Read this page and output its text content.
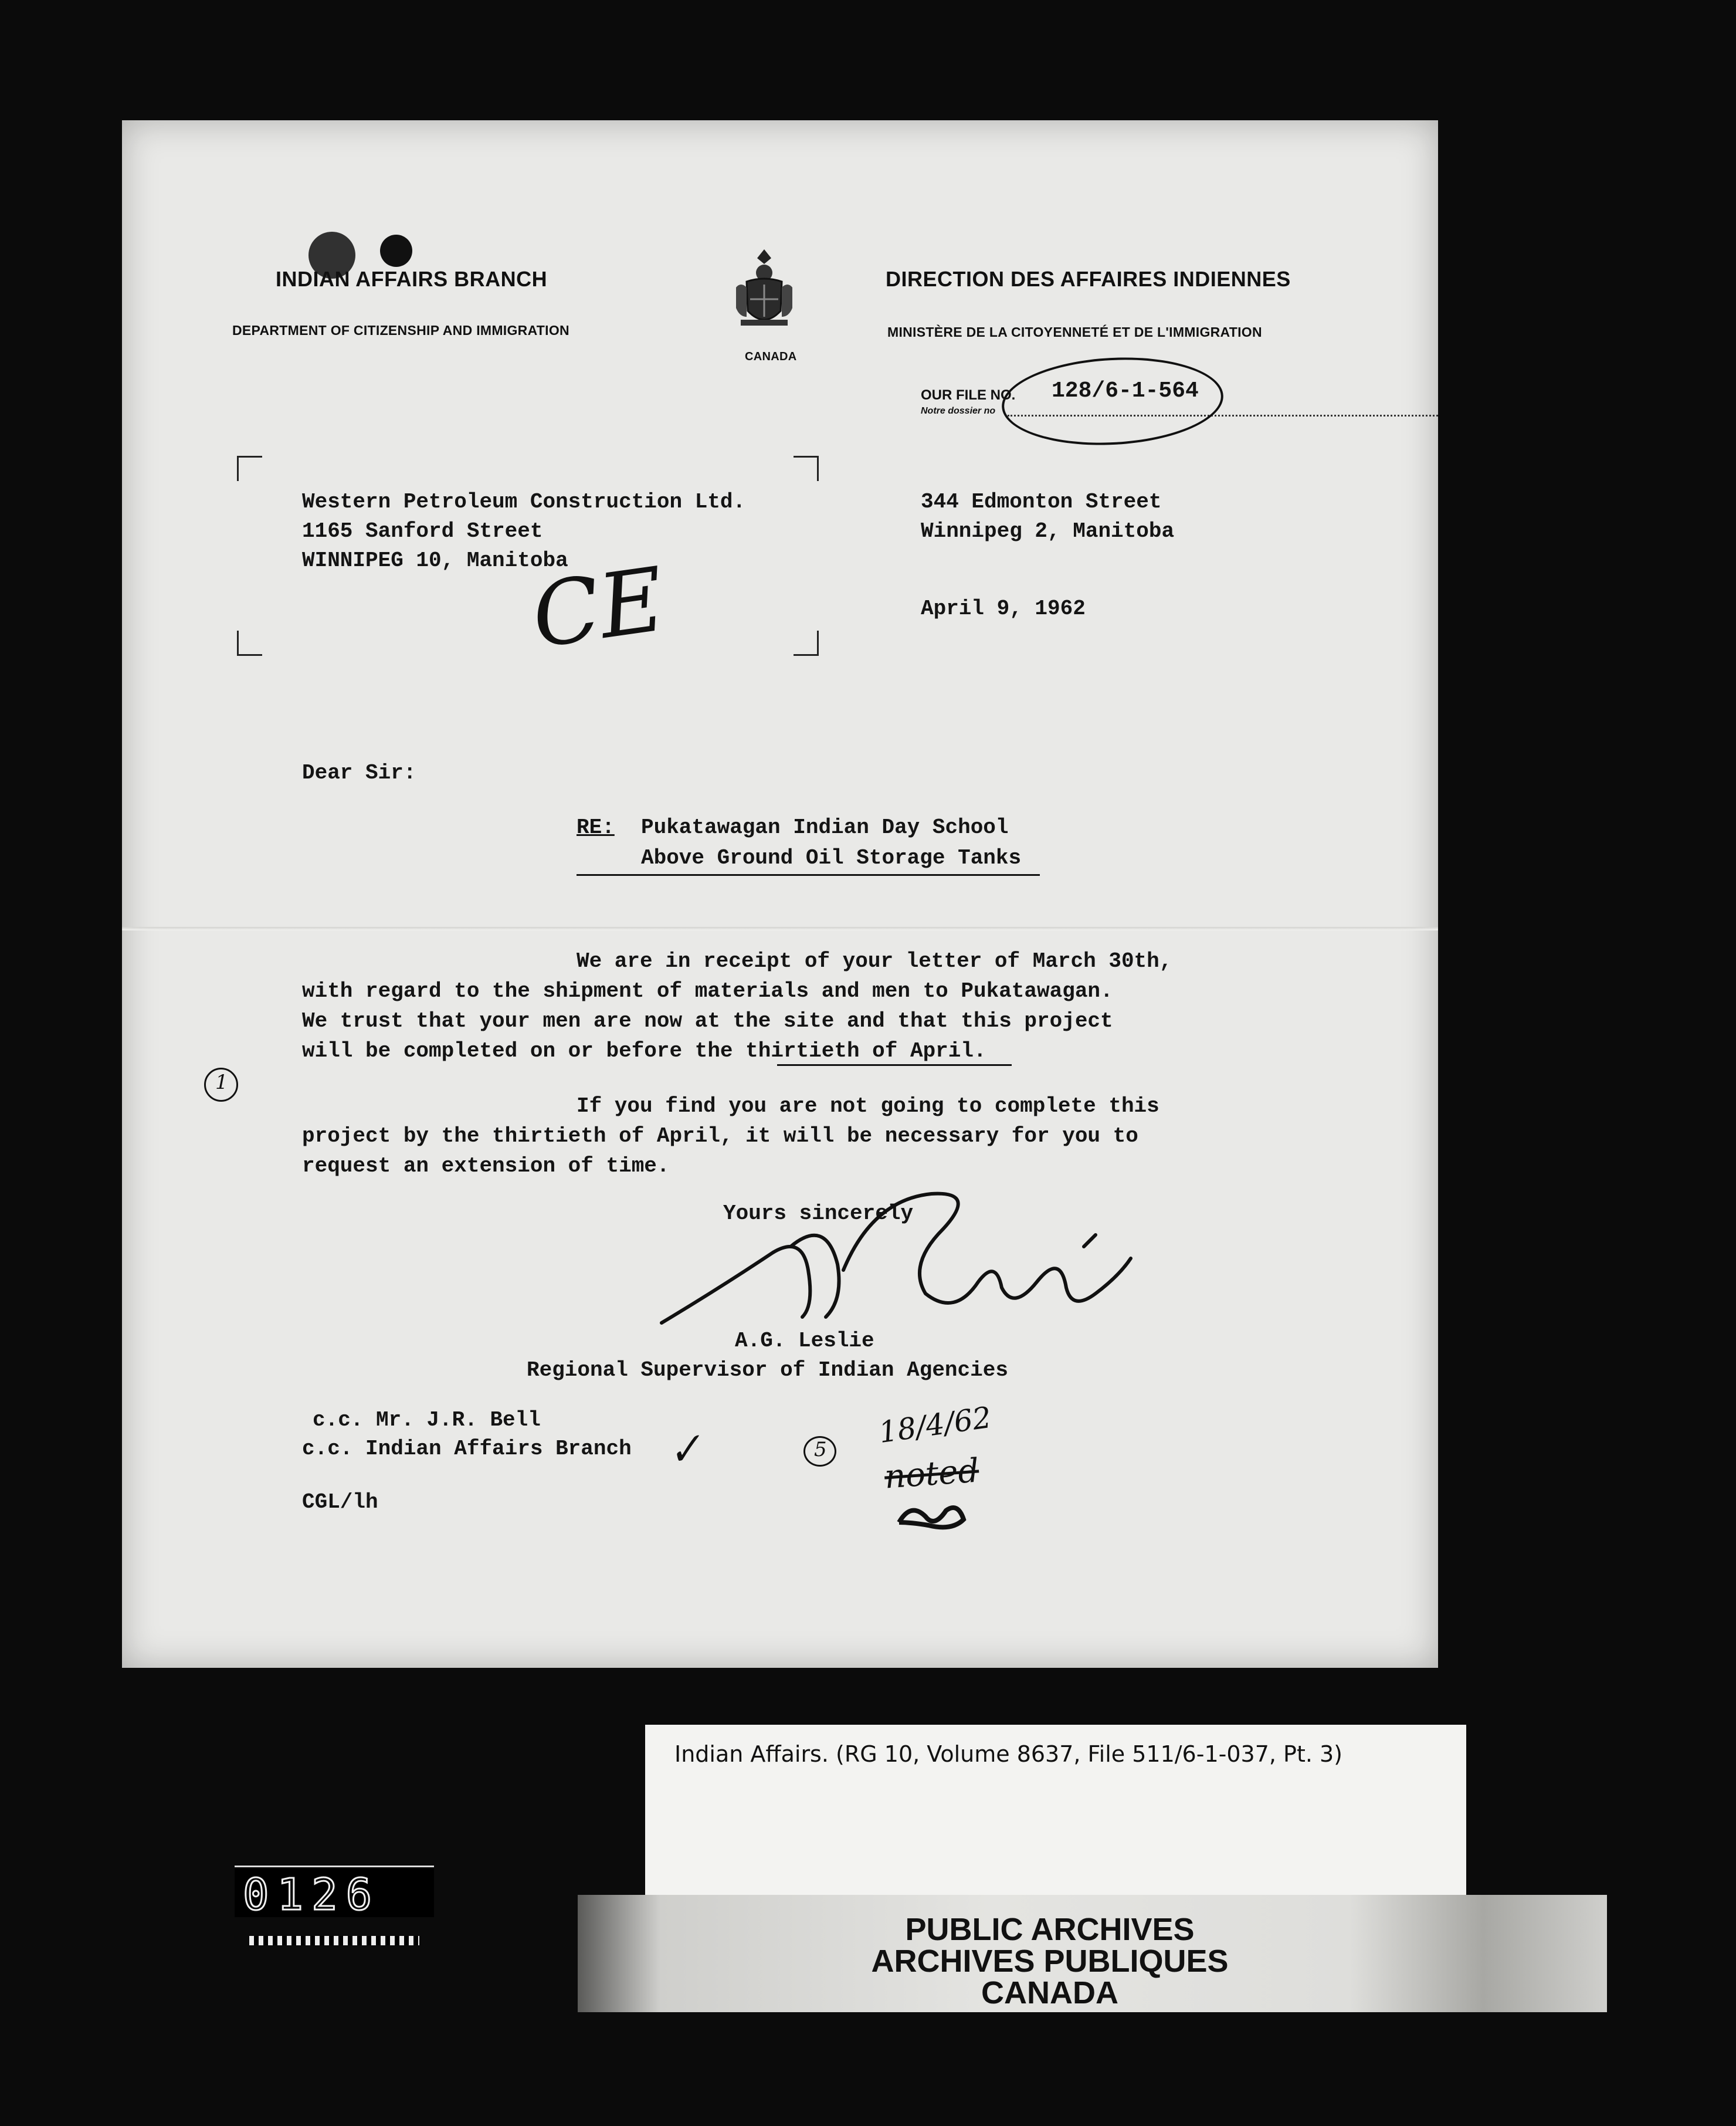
INDIAN AFFAIRS BRANCH
DEPARTMENT OF CITIZENSHIP AND IMMIGRATION
CANADA
DIRECTION DES AFFAIRES INDIENNES
MINISTÈRE DE LA CITOYENNETÉ ET DE L'IMMIGRATION
OUR FILE NO.
Notre dossier no
128/6-1-564
Western Petroleum Construction Ltd.
1165 Sanford Street
WINNIPEG 10, Manitoba
CE
344 Edmonton Street
Winnipeg 2, Manitoba
April 9, 1962
Dear Sir:
RE: Pukatawagan Indian Day School
Above Ground Oil Storage Tanks
We are in receipt of your letter of March 30th,
with regard to the shipment of materials and men to Pukatawagan.
We trust that your men are now at the site and that this project
will be completed on or before the thirtieth of April.
1
If you find you are not going to complete this
project by the thirtieth of April, it will be necessary for you to
request an extension of time.
Yours sincerely
A.G. Leslie
Regional Supervisor of Indian Agencies
c.c. Mr. J.R. Bell
c.c. Indian Affairs Branch ✓	5 18/4/62
noted
CGL/lh
Indian Affairs. (RG 10, Volume 8637, File 511/6-1-037, Pt. 3)
PUBLIC ARCHIVES
ARCHIVES PUBLIQUES
CANADA
0126
